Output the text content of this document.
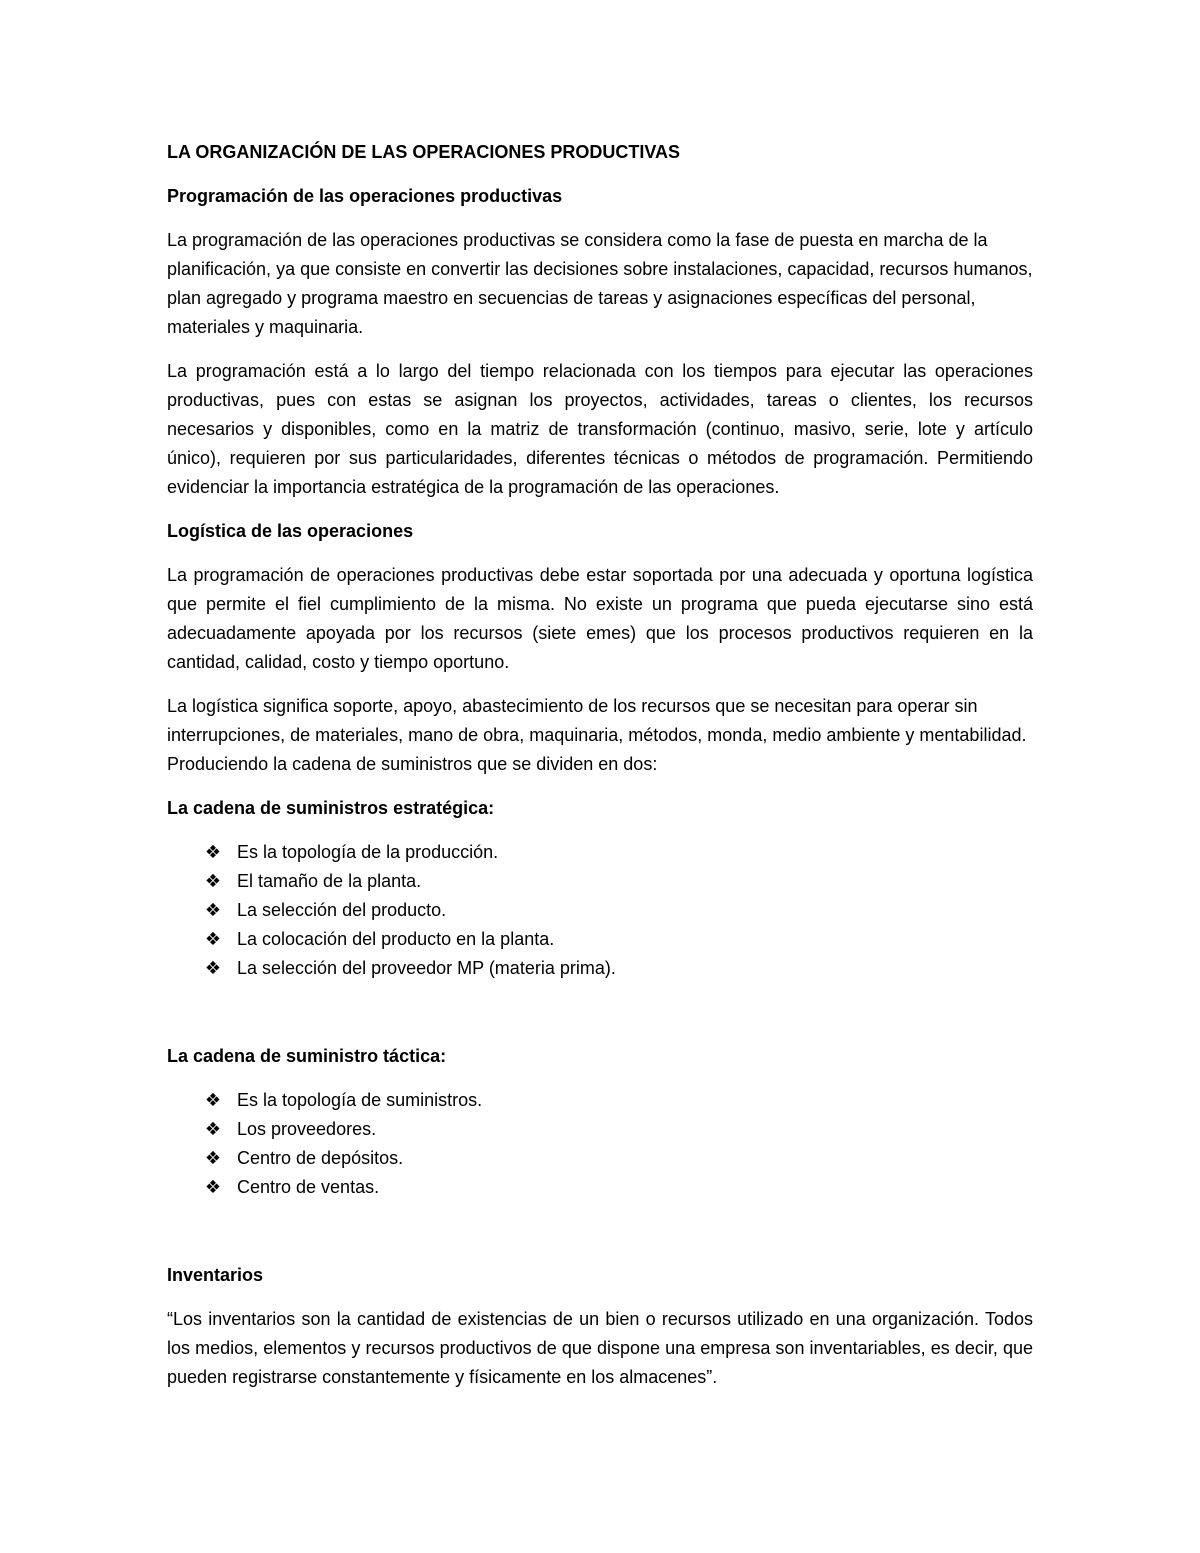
LA ORGANIZACIÓN DE LAS OPERACIONES PRODUCTIVAS
Programación de las operaciones productivas

La programación de las operaciones productivas se considera como la fase de puesta en marcha de la planificación, ya que consiste en convertir las decisiones sobre instalaciones, capacidad, recursos humanos, plan agregado y programa maestro en secuencias de tareas y asignaciones específicas del personal, materiales y maquinaria.

La programación está a lo largo del tiempo relacionada con los tiempos para ejecutar las operaciones productivas, pues con estas se asignan los proyectos, actividades, tareas o clientes, los recursos necesarios y disponibles, como en la matriz de transformación (continuo, masivo, serie, lote y artículo único), requieren por sus particularidades, diferentes técnicas o métodos de programación. Permitiendo evidenciar la importancia estratégica de la programación de las operaciones.

Logística de las operaciones

La programación de operaciones productivas debe estar soportada por una adecuada y oportuna logística que permite el fiel cumplimiento de la misma. No existe un programa que pueda ejecutarse sino está adecuadamente apoyada por los recursos (siete emes) que los procesos productivos requieren en la cantidad, calidad, costo y tiempo oportuno.

La logística significa soporte, apoyo, abastecimiento de los recursos que se necesitan para operar sin interrupciones, de materiales, mano de obra, maquinaria, métodos, monda, medio ambiente y mentabilidad. Produciendo la cadena de suministros que se dividen en dos:

La cadena de suministros estratégica:
❖ Es la topología de la producción.
❖ El tamaño de la planta.
❖ La selección del producto.
❖ La colocación del producto en la planta.
❖ La selección del proveedor MP (materia prima).
La cadena de suministro táctica:
❖ Es la topología de suministros.
❖ Los proveedores.
❖ Centro de depósitos.
❖ Centro de ventas.
Inventarios

“Los inventarios son la cantidad de existencias de un bien o recursos utilizado en una organización. Todos los medios, elementos y recursos productivos de que dispone una empresa son inventariables, es decir, que pueden registrarse constantemente y físicamente en los almacenes”.
